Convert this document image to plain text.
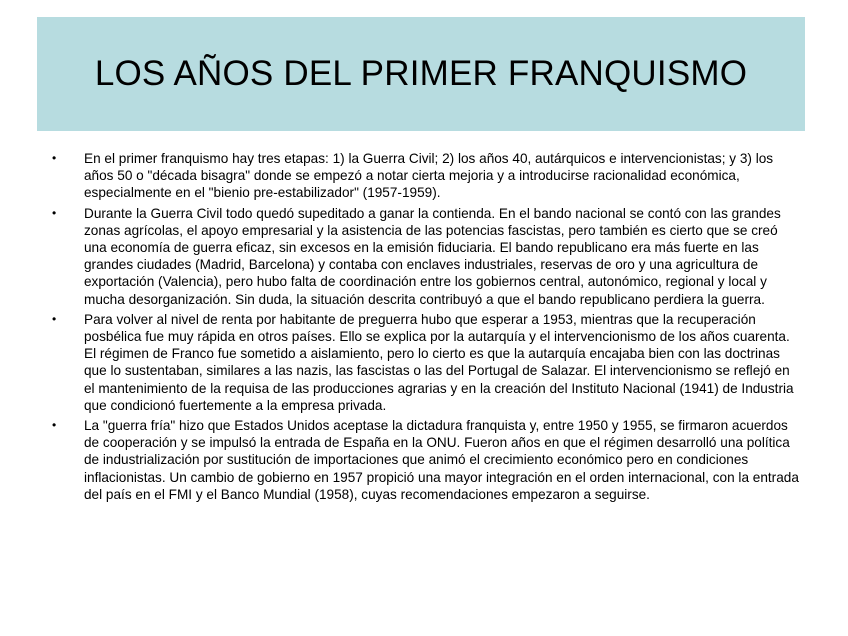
LOS AÑOS DEL PRIMER FRANQUISMO
• En el primer franquismo hay tres etapas: 1) la Guerra Civil; 2) los años 40, autárquicos e intervencionistas; y 3) los años 50 o "década bisagra" donde se empezó a notar cierta mejoria y a introducirse racionalidad económica, especialmente en el "bienio pre-estabilizador" (1957-1959).
• Durante la Guerra Civil todo quedó supeditado a ganar la contienda. En el bando nacional se contó con las grandes zonas agrícolas, el apoyo empresarial y la asistencia de las potencias fascistas, pero también es cierto que se creó una economía de guerra eficaz, sin excesos en la emisión fiduciaria. El bando republicano era más fuerte en las grandes ciudades (Madrid, Barcelona) y contaba con enclaves industriales, reservas de oro y una agricultura de exportación (Valencia), pero hubo falta de coordinación entre los gobiernos central, autonómico, regional y local y mucha desorganización. Sin duda, la situación descrita contribuyó a que el bando republicano perdiera la guerra.
• Para volver al nivel de renta por habitante de preguerra hubo que esperar a 1953, mientras que la recuperación posbélica fue muy rápida en otros países. Ello se explica por la autarquía y el intervencionismo de los años cuarenta. El régimen de Franco fue sometido a aislamiento, pero lo cierto es que la autarquía encajaba bien con las doctrinas que lo sustentaban, similares a las nazis, las fascistas o las del Portugal de Salazar. El intervencionismo se reflejó en el mantenimiento de la requisa de las producciones agrarias y en la creación del Instituto Nacional (1941) de Industria que condicionó fuertemente a la empresa privada.
• La "guerra fría" hizo que Estados Unidos aceptase la dictadura franquista y, entre 1950 y 1955, se firmaron acuerdos de cooperación y se impulsó la entrada de España en la ONU. Fueron años en que el régimen desarrolló una política de industrialización por sustitución de importaciones que animó el crecimiento económico pero en condiciones inflacionistas. Un cambio de gobierno en 1957 propició una mayor integración en el orden internacional, con la entrada del país en el FMI y el Banco Mundial (1958), cuyas recomendaciones empezaron a seguirse.
